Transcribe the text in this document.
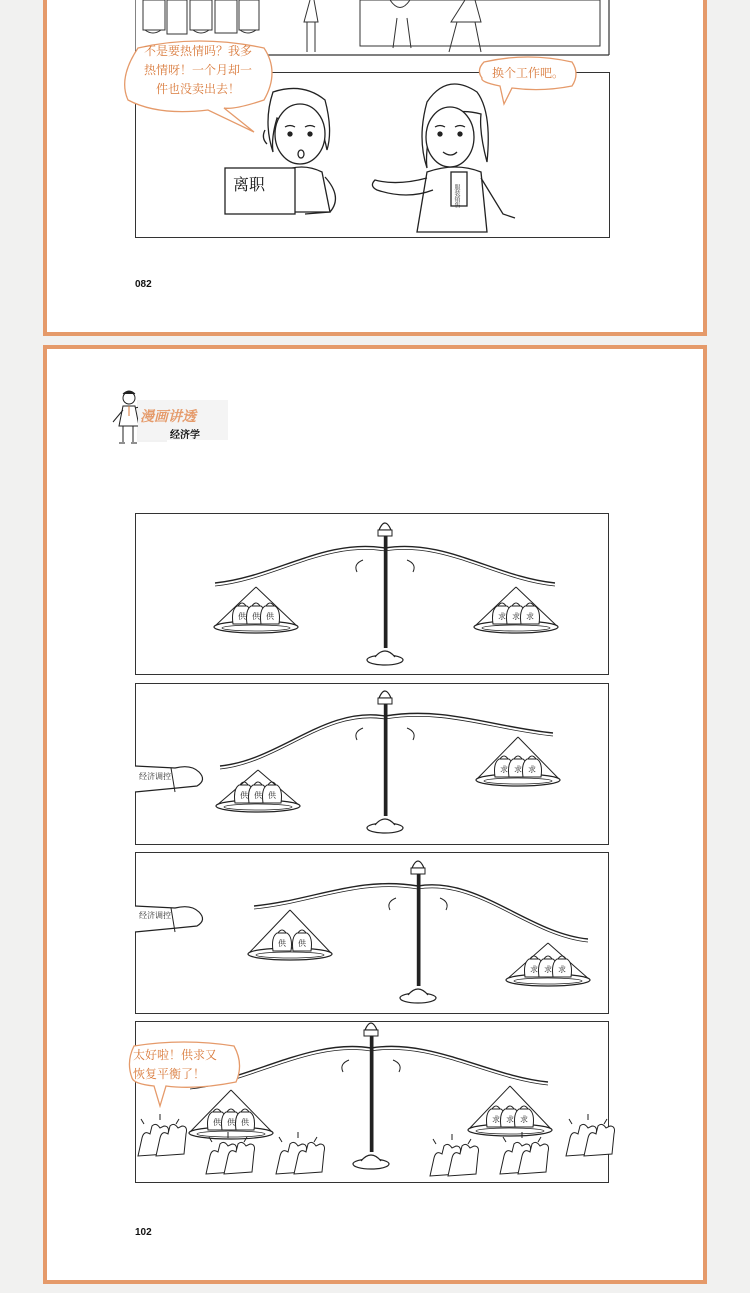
离职	服装销售
不是要热情吗？我多
热情呀！一个月却一
件也没卖出去！
换个工作吧。
082
漫画讲透
经济学
供 供 供	求 求 求
供 供 供
求 求 求
供 供
求 求 求
供 供 供	求 求 求
经济调控
经济调控
太好啦！供求又
恢复平衡了！
102
